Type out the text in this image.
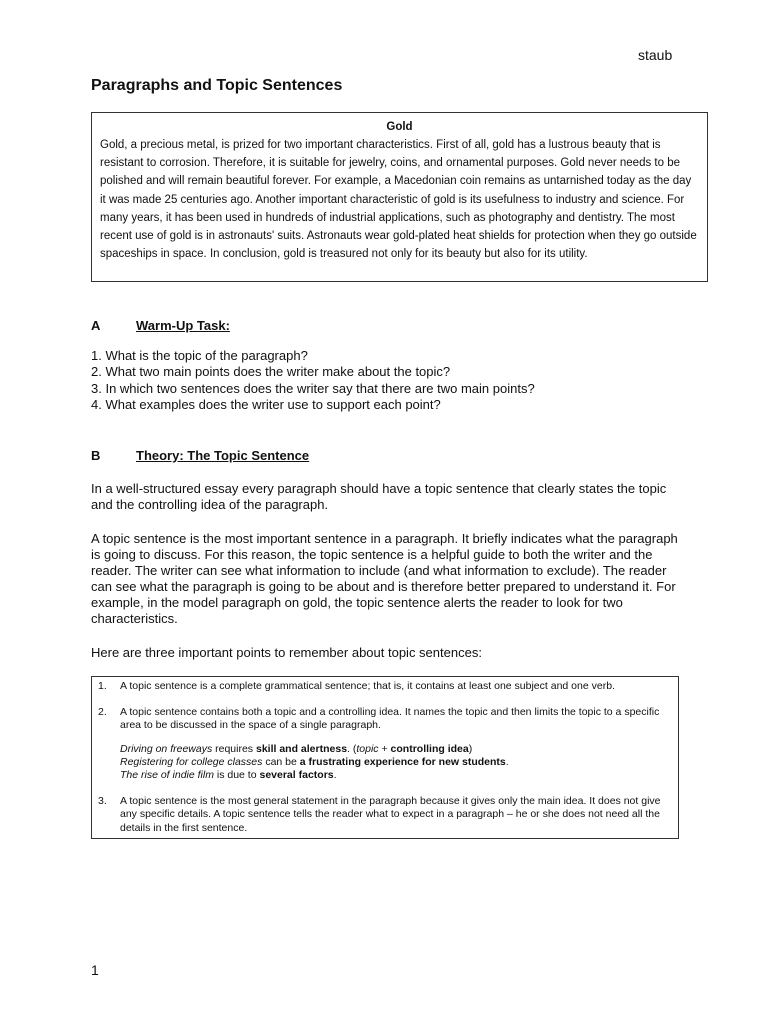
staub
Paragraphs and Topic Sentences
Gold

Gold, a precious metal, is prized for two important characteristics. First of all, gold has a lustrous beauty that is resistant to corrosion. Therefore, it is suitable for jewelry, coins, and ornamental purposes. Gold never needs to be polished and will remain beautiful forever. For example, a Macedonian coin remains as untarnished today as the day it was made 25 centuries ago. Another important characteristic of gold is its usefulness to industry and science. For many years, it has been used in hundreds of industrial applications, such as photography and dentistry. The most recent use of gold is in astronauts' suits. Astronauts wear gold-plated heat shields for protection when they go outside spaceships in space. In conclusion, gold is treasured not only for its beauty but also for its utility.

A	Warm-Up Task:
1. What is the topic of the paragraph?
2. What two main points does the writer make about the topic?
3. In which two sentences does the writer say that there are two main points?
4. What examples does the writer use to support each point?
B	Theory: The Topic Sentence

In a well-structured essay every paragraph should have a topic sentence that clearly states the topic and the controlling idea of the paragraph.

A topic sentence is the most important sentence in a paragraph. It briefly indicates what the paragraph is going to discuss. For this reason, the topic sentence is a helpful guide to both the writer and the reader. The writer can see what information to include (and what information to exclude). The reader can see what the paragraph is going to be about and is therefore better prepared to understand it. For example, in the model paragraph on gold, the topic sentence alerts the reader to look for two characteristics.

Here are three important points to remember about topic sentences:

1.	A topic sentence is a complete grammatical sentence; that is, it contains at least one subject and one verb.
2.	A topic sentence contains both a topic and a controlling idea. It names the topic and then limits the topic to a specific area to be discussed in the space of a single paragraph.
Driving on freeways requires skill and alertness. (topic + controlling idea)
Registering for college classes can be a frustrating experience for new students.
The rise of indie film is due to several factors.
3.	A topic sentence is the most general statement in the paragraph because it gives only the main idea. It does not give any specific details. A topic sentence tells the reader what to expect in a paragraph – he or she does not need all the details in the first sentence.
1
